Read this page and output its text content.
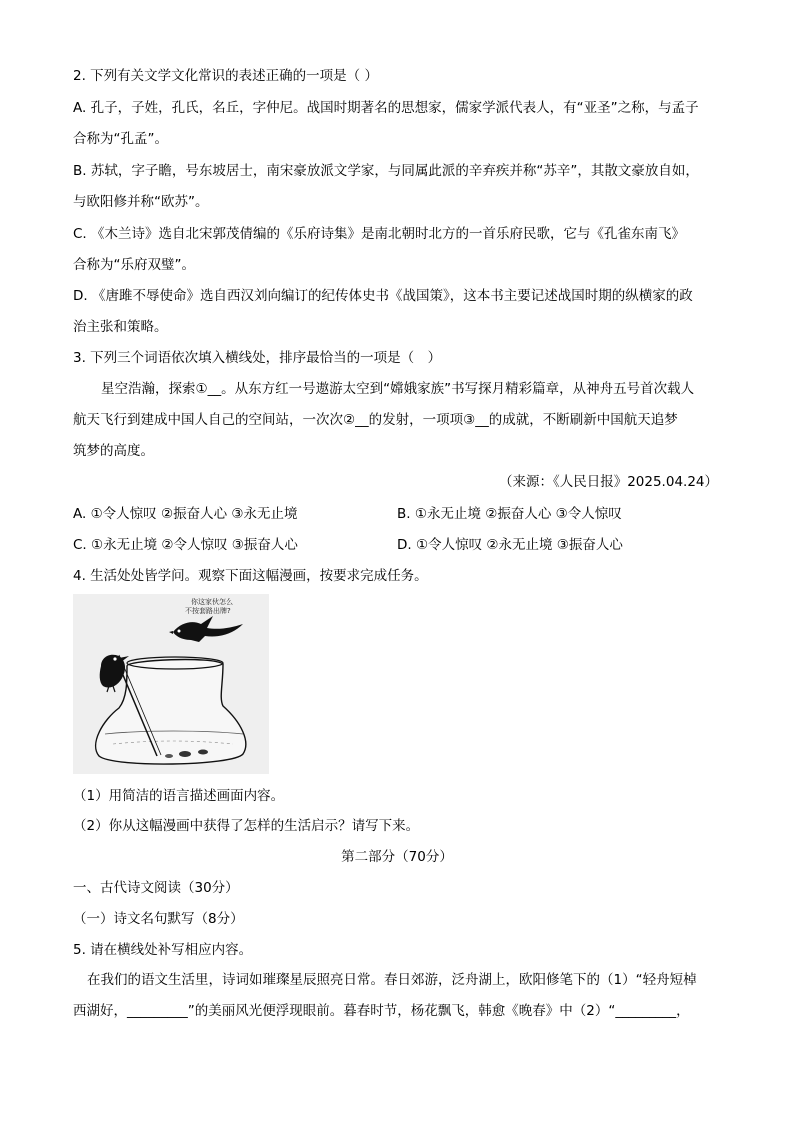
2. 下列有关文学文化常识的表述正确的一项是（ ）
A. 孔子，子姓，孔氏，名丘，字仲尼。战国时期著名的思想家，儒家学派代表人，有“亚圣”之称，与孟子
合称为“孔孟”。
B. 苏轼，字子瞻，号东坡居士，南宋豪放派文学家，与同属此派的辛弃疾并称“苏辛”，其散文豪放自如，
与欧阳修并称“欧苏”。
C. 《木兰诗》选自北宋郭茂倩编的《乐府诗集》是南北朝时北方的一首乐府民歌，它与《孔雀东南飞》
合称为“乐府双璧”。
D. 《唐雎不辱使命》选自西汉刘向编订的纪传体史书《战国策》，这本书主要记述战国时期的纵横家的政
治主张和策略。
3. 下列三个词语依次填入横线处，排序最恰当的一项是（　）
星空浩瀚，探索①__。从东方红一号遨游太空到“嫦娥家族”书写探月精彩篇章，从神舟五号首次载人
航天飞行到建成中国人自己的空间站，一次次②__的发射，一项项③__的成就，不断刷新中国航天追梦
筑梦的高度。
（来源：《人民日报》2025.04.24）
A. ①令人惊叹 ②振奋人心 ③永无止境	B. ①永无止境 ②振奋人心 ③令人惊叹
C. ①永无止境 ②令人惊叹 ③振奋人心	D. ①令人惊叹 ②永无止境 ③振奋人心
4. 生活处处皆学问。观察下面这幅漫画，按要求完成任务。
你这家伙怎么
不按套路出牌?
（1）用简洁的语言描述画面内容。
（2）你从这幅漫画中获得了怎样的生活启示？请写下来。
第二部分（70分）
一、古代诗文阅读（30分）
（一）诗文名句默写（8分）
5. 请在横线处补写相应内容。
在我们的语文生活里，诗词如璀璨星辰照亮日常。春日郊游，泛舟湖上，欧阳修笔下的（1）“轻舟短棹
西湖好，_________”的美丽风光便浮现眼前。暮春时节，杨花飘飞，韩愈《晚春》中（2）“_________，
